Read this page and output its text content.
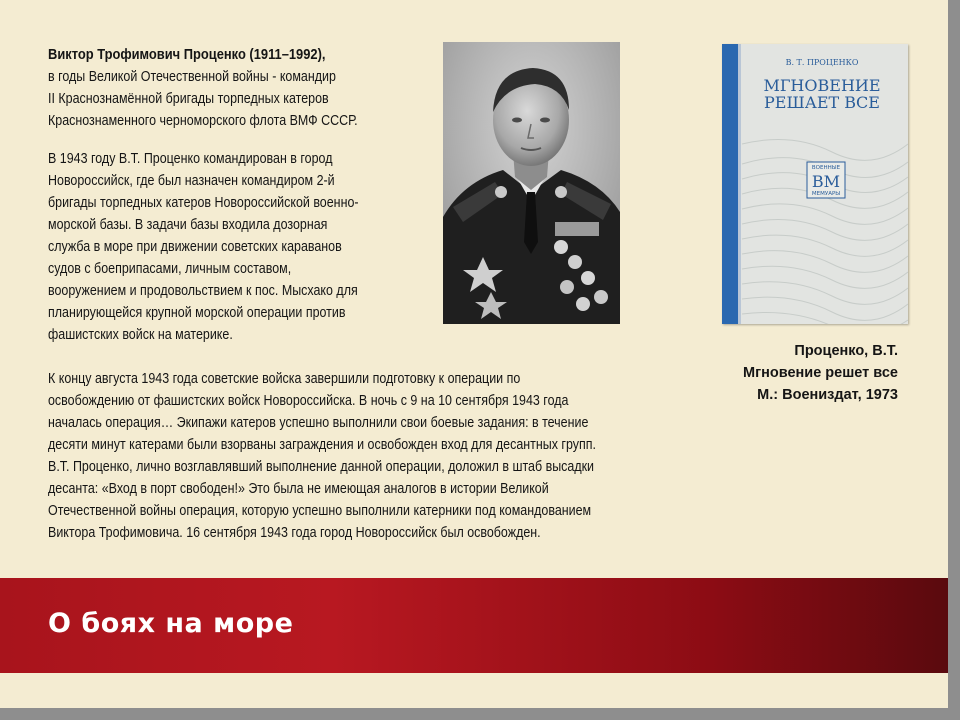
Виктор Трофимович Проценко (1911–1992),
в годы Великой Отечественной войны - командир
II Краснознамённой бригады торпедных катеров
Краснознаменного черноморского флота ВМФ СССР.
В 1943 году В.Т. Проценко командирован в город
Новороссийск, где был назначен командиром 2-й
бригады торпедных катеров Новороссийской военно-
морской базы. В задачи базы входила дозорная
служба в море при движении советских караванов
судов с боеприпасами, личным составом,
вооружением и продовольствием к пос. Мысхако для
планирующейся крупной морской операции против
фашистских войск на материке.
К концу августа 1943 года советские войска завершили подготовку к операции по
освобождению от фашистских войск Новороссийска. В ночь с 9 на 10 сентября 1943 года
началась операция… Экипажи катеров успешно выполнили свои боевые задания: в течение
десяти минут катерами были взорваны заграждения и освобожден вход для десантных групп.
В.Т. Проценко, лично возглавлявший выполнение данной операции, доложил в штаб высадки
десанта: «Вход в порт свободен!» Это была не имеющая аналогов в истории Великой
Отечественной войны операция, которую успешно выполнили катерники под командованием
Виктора Трофимовича. 16 сентября 1943 года город Новороссийск был освобожден.
В. Т. ПРОЦЕНКО
МГНОВЕНИЕ
РЕШАЕТ ВСЕ
ВОЕННЫЕ
ВМ
МЕМУАРЫ
Проценко, В.Т.
Мгновение решет все
М.: Воениздат, 1973
О боях на море
